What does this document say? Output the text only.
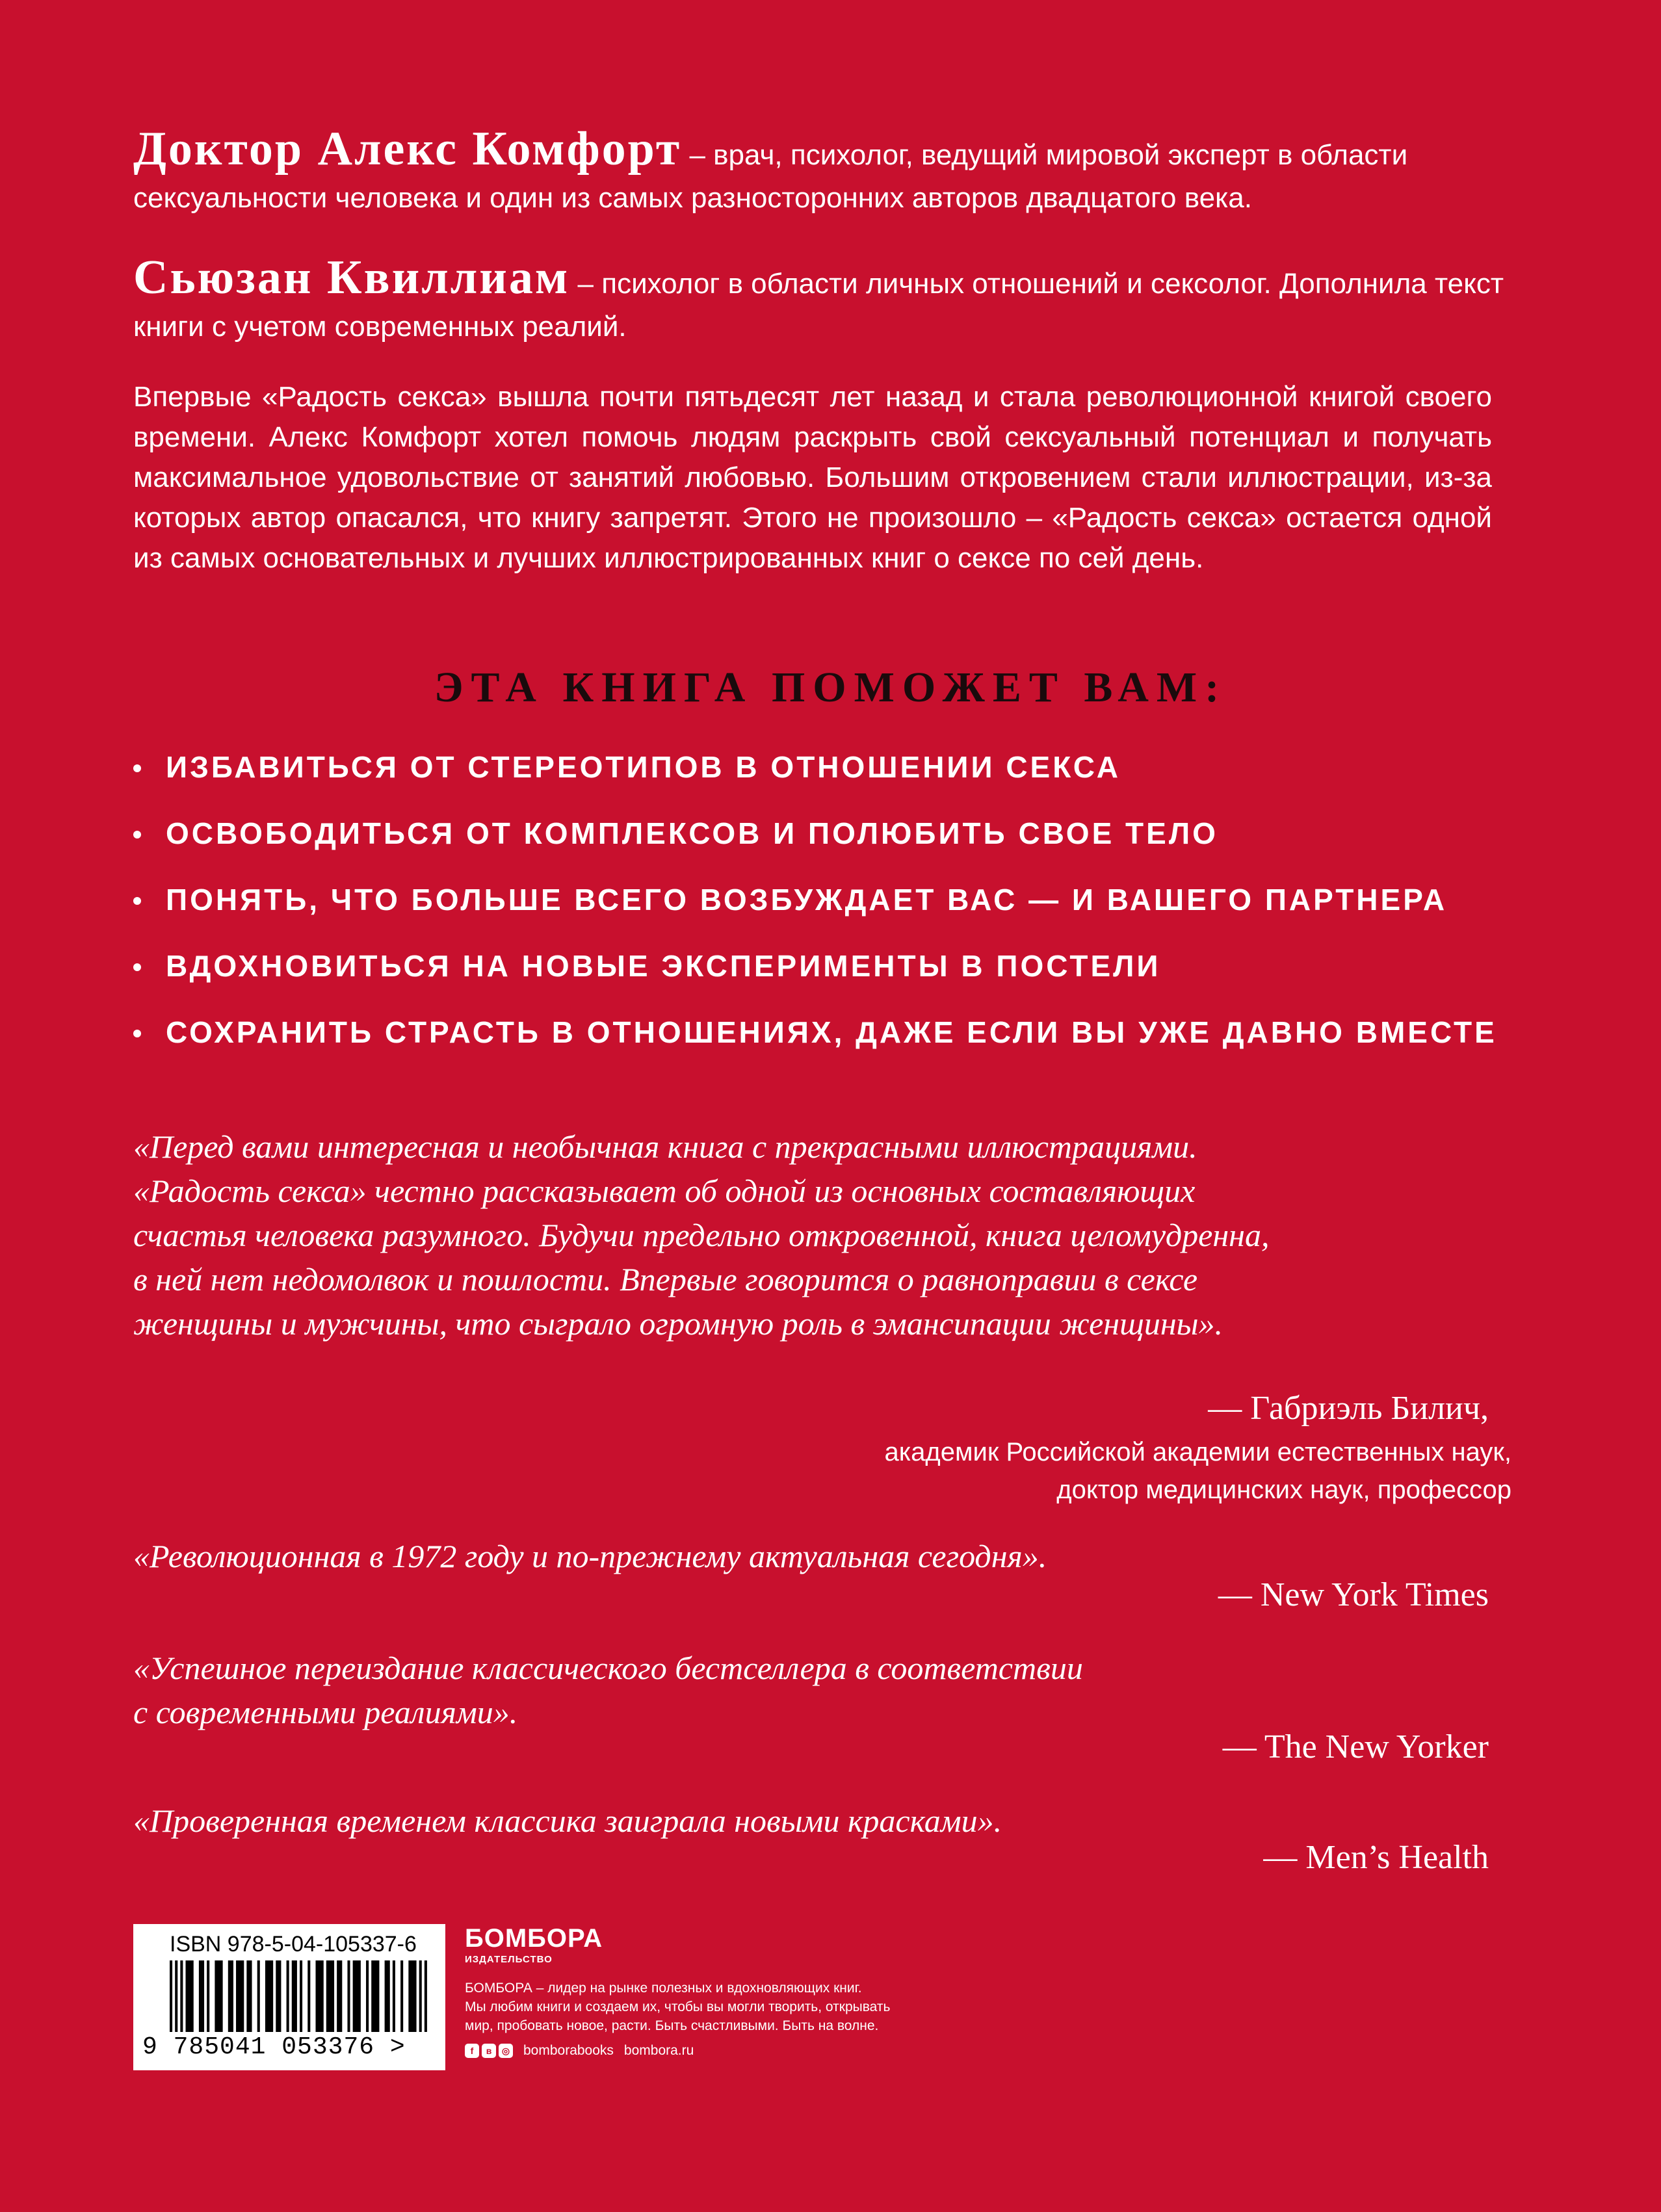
Доктор Алекс Комфорт – врач, психолог, ведущий мировой эксперт в области сексуальности человека и один из самых разносторонних авторов двадцатого века.
Сьюзан Квиллиам – психолог в области личных отношений и сексолог. Дополнила текст книги с учетом современных реалий.

Впервые «Радость секса» вышла почти пятьдесят лет назад и стала революционной книгой своего времени. Алекс Комфорт хотел помочь людям раскрыть свой сексуальный потенциал и получать максимальное удовольствие от занятий любовью. Большим откровением стали иллюстрации, из-за которых автор опасался, что книгу запретят. Этого не произошло – «Радость секса» остается одной из самых основательных и лучших иллюстрированных книг о сексе по сей день.

ЭТА КНИГА ПОМОЖЕТ ВАМ:
ИЗБАВИТЬСЯ ОТ СТЕРЕОТИПОВ В ОТНОШЕНИИ СЕКСА
ОСВОБОДИТЬСЯ ОТ КОМПЛЕКСОВ И ПОЛЮБИТЬ СВОЕ ТЕЛО
ПОНЯТЬ, ЧТО БОЛЬШЕ ВСЕГО ВОЗБУЖДАЕТ ВАС — И ВАШЕГО ПАРТНЕРА
ВДОХНОВИТЬСЯ НА НОВЫЕ ЭКСПЕРИМЕНТЫ В ПОСТЕЛИ
СОХРАНИТЬ СТРАСТЬ В ОТНОШЕНИЯХ, ДАЖЕ ЕСЛИ ВЫ УЖЕ ДАВНО ВМЕСТЕ

«Перед вами интересная и необычная книга с прекрасными иллюстрациями.

«Радость секса» честно рассказывает об одной из основных составляющих

счастья человека разумного. Будучи предельно откровенной, книга целомудренна,

в ней нет недомолвок и пошлости. Впервые говорится о равноправии в сексе

женщины и мужчины, что сыграло огромную роль в эмансипации женщины».

— Габриэль Билич,
академик Российской академии естественных наук,
доктор медицинских наук, профессор

«Революционная в 1972 году и по-прежнему актуальная сегодня».

— New York Times

«Успешное переиздание классического бестселлера в соответствии

с современными реалиями».

— The New Yorker

«Проверенная временем классика заиграла новыми красками».

— Men’s Health
ISBN 978-5-04-105337-6
9 785041 053376 >
БОМБОРА
ИЗДАТЕЛЬСТВО
БОМБОРА – лидер на рынке полезных и вдохновляющих книг.
Мы любим книги и создаем их, чтобы вы могли творить, открывать
мир, пробовать новое, расти. Быть счастливыми. Быть на волне.
f	в	◎ bomborabooks bombora.ru
